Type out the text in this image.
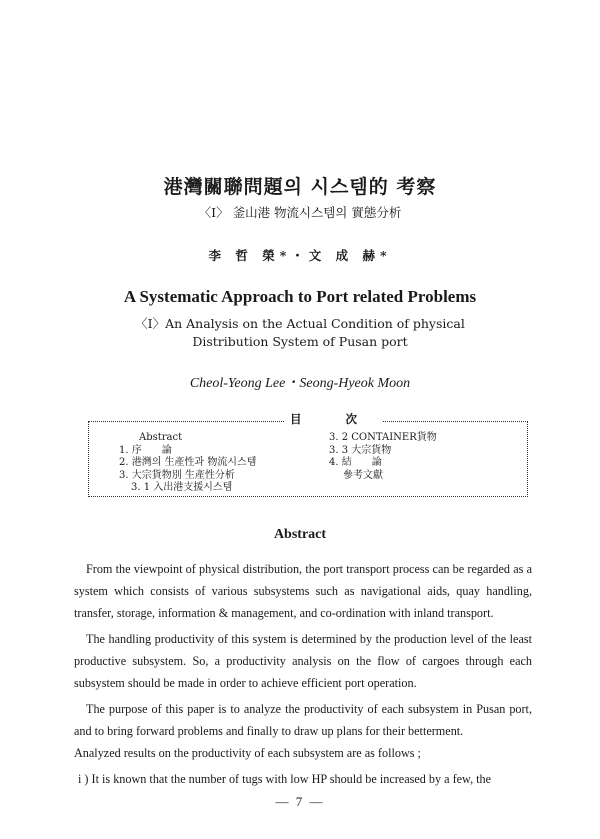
港灣關聯問題의 시스템的 考察
〈I〉 釜山港 物流시스템의 實態分析
李 哲 榮*・文 成 赫*
A Systematic Approach to Port related Problems
〈I〉An Analysis on the Actual Condition of physical
Distribution System of Pusan port
Cheol-Yeong Lee・Seong-Hyeok Moon
目 次
Abstract
1. 序　　論
2. 港灣의 生產性과 物流시스템
3. 大宗貨物別 生產性分析
3. 1 入出港支援시스템
3. 2 CONTAINER貨物
3. 3 大宗貨物
4. 結　　論
參考文獻
Abstract

From the viewpoint of physical distribution, the port transport process can be regarded as a system which consists of various subsystems such as navigational aids, quay handling, transfer, storage, information & management, and co-ordination with inland transport.

The handling productivity of this system is determined by the production level of the least productive subsystem. So, a productivity analysis on the flow of cargoes through each subsystem should be made in order to achieve efficient port operation.

The purpose of this paper is to analyze the productivity of each subsystem in Pusan port, and to bring forward problems and finally to draw up plans for their betterment.

Analyzed results on the productivity of each subsystem are as follows ;

i ) It is known that the number of tugs with low HP should be increased by a few, the

— 7 —
